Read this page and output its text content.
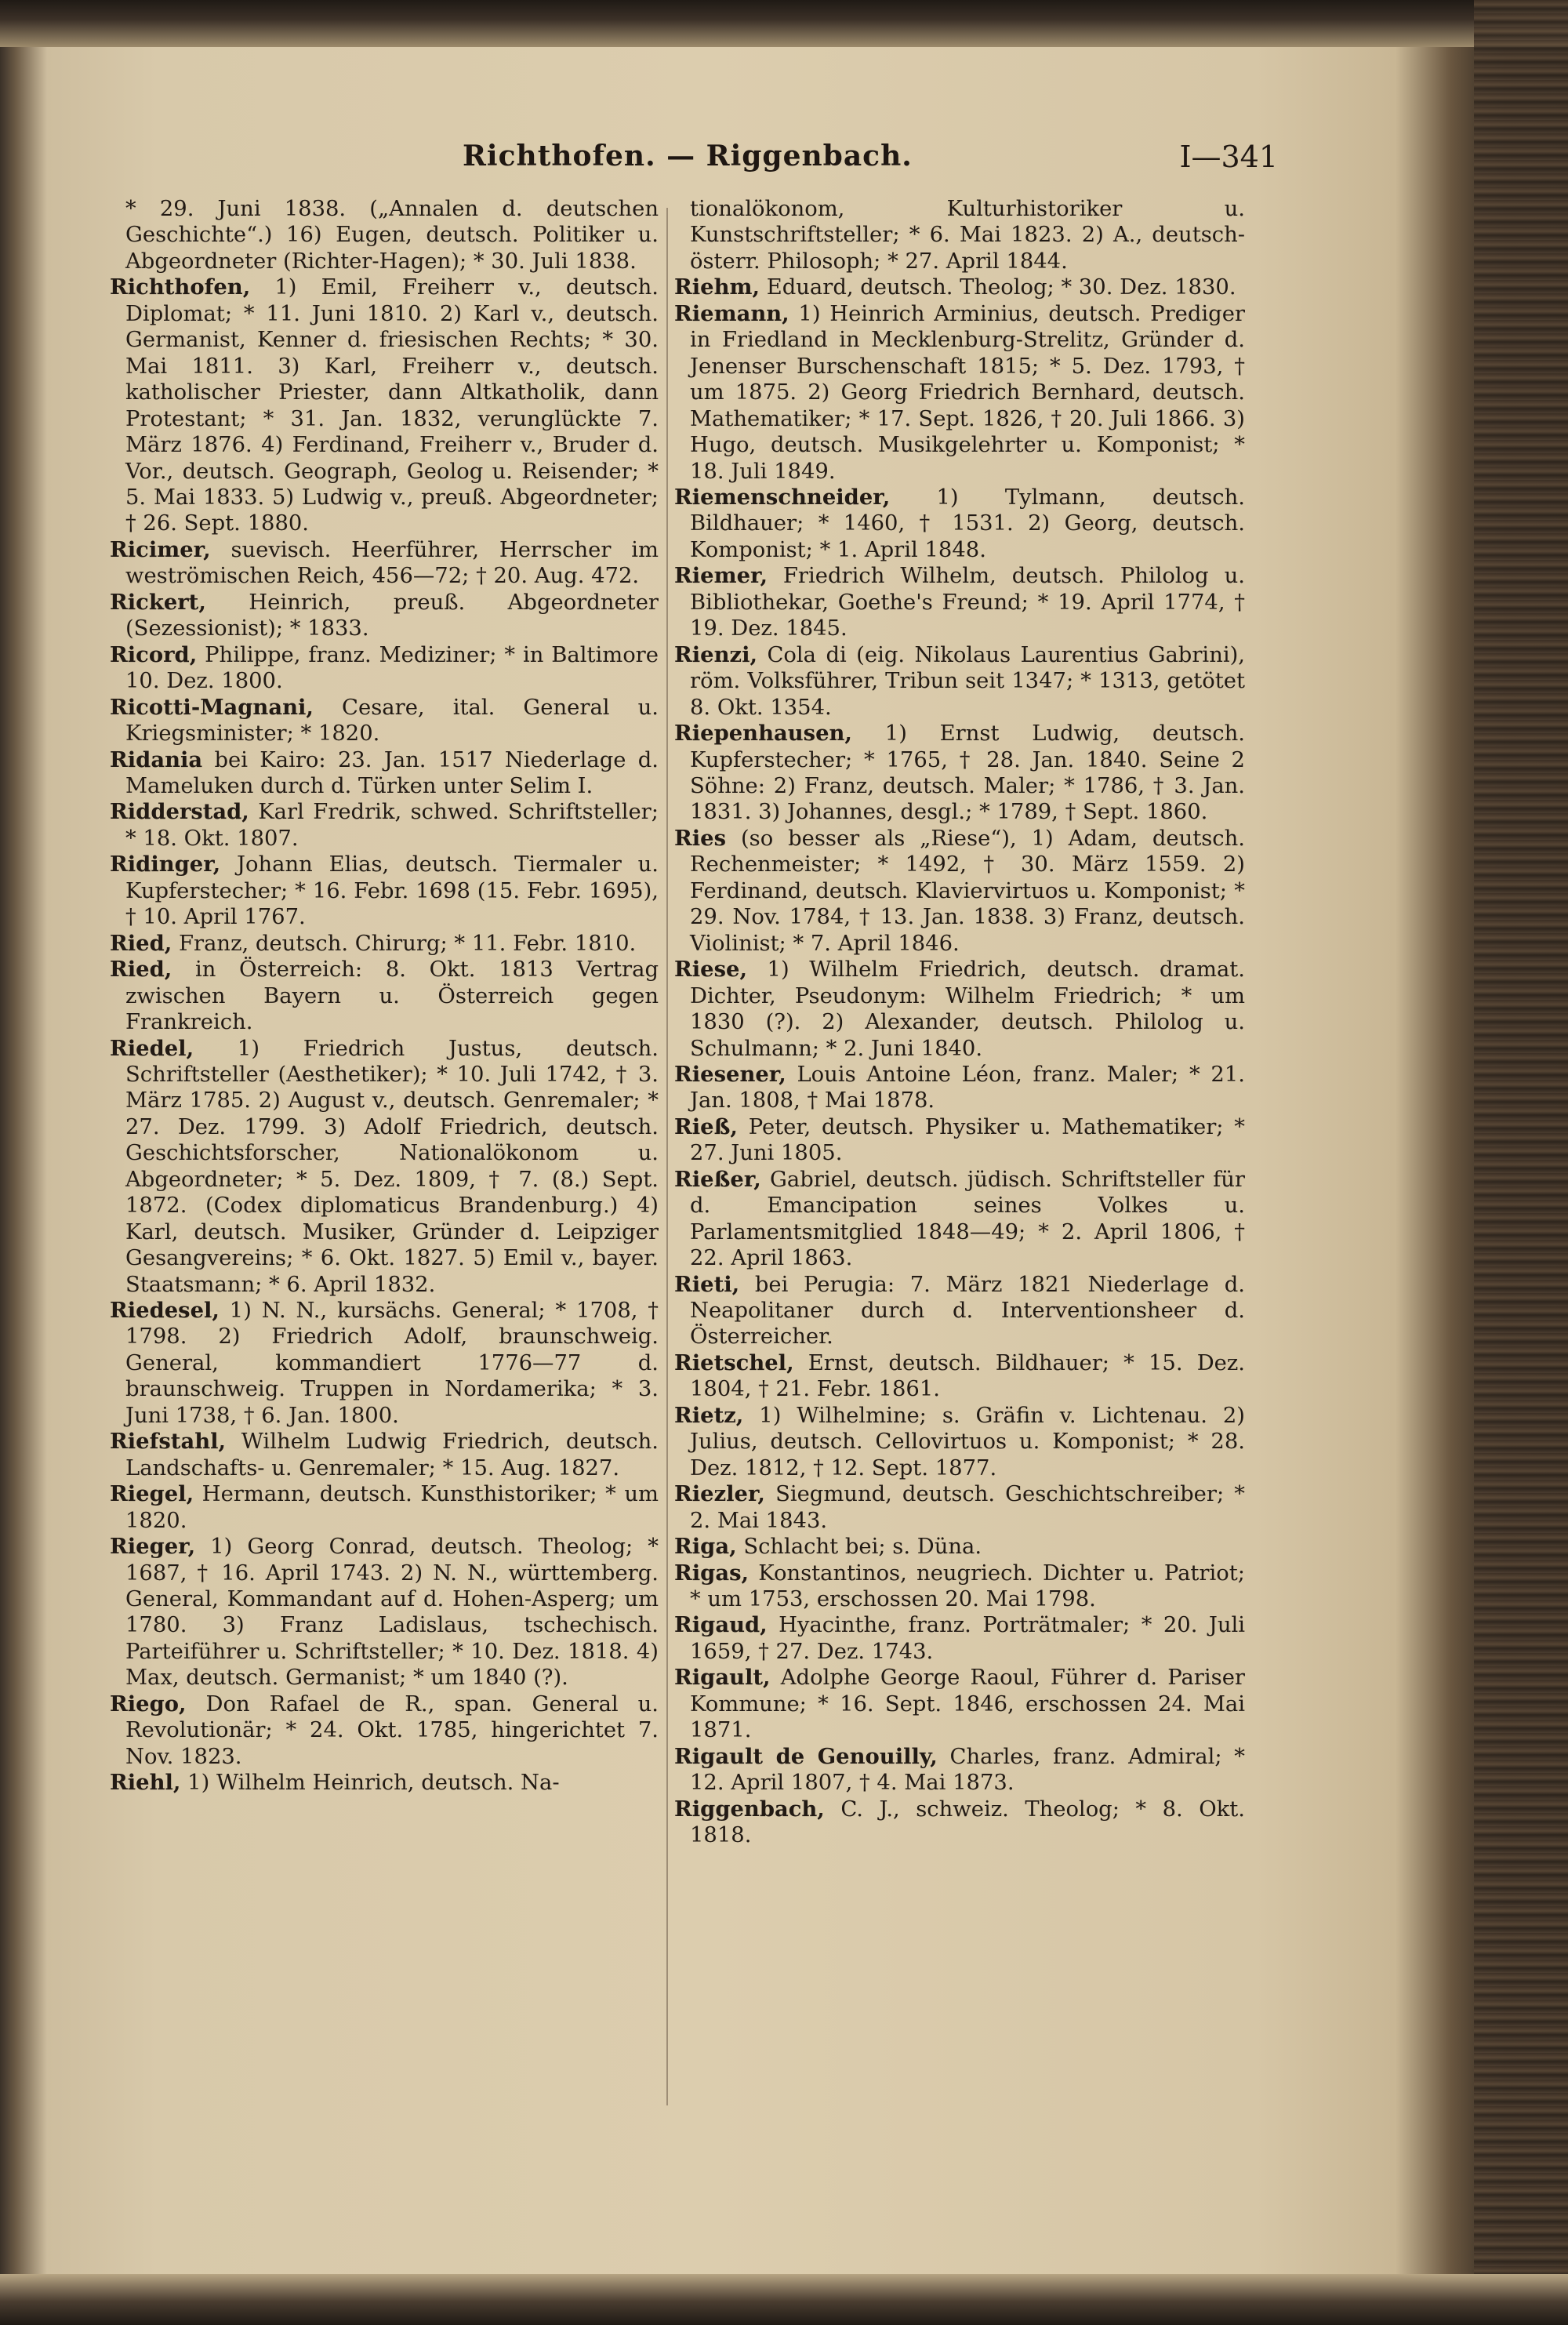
Richthofen. — Riggenbach.	I—341

* 29. Juni 1838. („Annalen d. deutschen Geschichte“.) 16) Eugen, deutsch. Politiker u. Abgeordneter (Richter-Hagen); * 30. Juli 1838.

Richthofen, 1) Emil, Freiherr v., deutsch. Diplomat; * 11. Juni 1810. 2) Karl v., deutsch. Germanist, Kenner d. friesischen Rechts; * 30. Mai 1811. 3) Karl, Freiherr v., deutsch. katholischer Priester, dann Altkatholik, dann Protestant; * 31. Jan. 1832, verunglückte 7. März 1876. 4) Ferdinand, Freiherr v., Bruder d. Vor., deutsch. Geograph, Geolog u. Reisender; * 5. Mai 1833. 5) Ludwig v., preuß. Abgeordneter; † 26. Sept. 1880.

Ricimer, suevisch. Heerführer, Herrscher im weströmischen Reich, 456—72; † 20. Aug. 472.

Rickert, Heinrich, preuß. Abgeordneter (Sezessionist); * 1833.

Ricord, Philippe, franz. Mediziner; * in Baltimore 10. Dez. 1800.

Ricotti-Magnani, Cesare, ital. General u. Kriegsminister; * 1820.

Ridania bei Kairo: 23. Jan. 1517 Niederlage d. Mameluken durch d. Türken unter Selim I.

Ridderstad, Karl Fredrik, schwed. Schriftsteller; * 18. Okt. 1807.

Ridinger, Johann Elias, deutsch. Tiermaler u. Kupferstecher; * 16. Febr. 1698 (15. Febr. 1695), † 10. April 1767.

Ried, Franz, deutsch. Chirurg; * 11. Febr. 1810.

Ried, in Österreich: 8. Okt. 1813 Vertrag zwischen Bayern u. Österreich gegen Frankreich.

Riedel, 1) Friedrich Justus, deutsch. Schriftsteller (Aesthetiker); * 10. Juli 1742, † 3. März 1785. 2) August v., deutsch. Genremaler; * 27. Dez. 1799. 3) Adolf Friedrich, deutsch. Geschichtsforscher, Nationalökonom u. Abgeordneter; * 5. Dez. 1809, † 7. (8.) Sept. 1872. (Codex diplomaticus Brandenburg.) 4) Karl, deutsch. Musiker, Gründer d. Leipziger Gesangvereins; * 6. Okt. 1827. 5) Emil v., bayer. Staatsmann; * 6. April 1832.

Riedesel, 1) N. N., kursächs. General; * 1708, † 1798. 2) Friedrich Adolf, braunschweig. General, kommandiert 1776—77 d. braunschweig. Truppen in Nordamerika; * 3. Juni 1738, † 6. Jan. 1800.

Riefstahl, Wilhelm Ludwig Friedrich, deutsch. Landschafts- u. Genremaler; * 15. Aug. 1827.

Riegel, Hermann, deutsch. Kunsthistoriker; * um 1820.

Rieger, 1) Georg Conrad, deutsch. Theolog; * 1687, † 16. April 1743. 2) N. N., württemberg. General, Kommandant auf d. Hohen-Asperg; um 1780. 3) Franz Ladislaus, tschechisch. Parteiführer u. Schriftsteller; * 10. Dez. 1818. 4) Max, deutsch. Germanist; * um 1840 (?).

Riego, Don Rafael de R., span. General u. Revolutionär; * 24. Okt. 1785, hingerichtet 7. Nov. 1823.

Riehl, 1) Wilhelm Heinrich, deutsch. Na-

tionalökonom, Kulturhistoriker u. Kunstschriftsteller; * 6. Mai 1823. 2) A., deutsch-österr. Philosoph; * 27. April 1844.

Riehm, Eduard, deutsch. Theolog; * 30. Dez. 1830.

Riemann, 1) Heinrich Arminius, deutsch. Prediger in Friedland in Mecklenburg-Strelitz, Gründer d. Jenenser Burschenschaft 1815; * 5. Dez. 1793, † um 1875. 2) Georg Friedrich Bernhard, deutsch. Mathematiker; * 17. Sept. 1826, † 20. Juli 1866. 3) Hugo, deutsch. Musikgelehrter u. Komponist; * 18. Juli 1849.

Riemenschneider, 1) Tylmann, deutsch. Bildhauer; * 1460, † 1531. 2) Georg, deutsch. Komponist; * 1. April 1848.

Riemer, Friedrich Wilhelm, deutsch. Philolog u. Bibliothekar, Goethe's Freund; * 19. April 1774, † 19. Dez. 1845.

Rienzi, Cola di (eig. Nikolaus Laurentius Gabrini), röm. Volksführer, Tribun seit 1347; * 1313, getötet 8. Okt. 1354.

Riepenhausen, 1) Ernst Ludwig, deutsch. Kupferstecher; * 1765, † 28. Jan. 1840. Seine 2 Söhne: 2) Franz, deutsch. Maler; * 1786, † 3. Jan. 1831. 3) Johannes, desgl.; * 1789, † Sept. 1860.

Ries (so besser als „Riese“), 1) Adam, deutsch. Rechenmeister; * 1492, † 30. März 1559. 2) Ferdinand, deutsch. Klaviervirtuos u. Komponist; * 29. Nov. 1784, † 13. Jan. 1838. 3) Franz, deutsch. Violinist; * 7. April 1846.

Riese, 1) Wilhelm Friedrich, deutsch. dramat. Dichter, Pseudonym: Wilhelm Friedrich; * um 1830 (?). 2) Alexander, deutsch. Philolog u. Schulmann; * 2. Juni 1840.

Riesener, Louis Antoine Léon, franz. Maler; * 21. Jan. 1808, † Mai 1878.

Rieß, Peter, deutsch. Physiker u. Mathematiker; * 27. Juni 1805.

Rießer, Gabriel, deutsch. jüdisch. Schriftsteller für d. Emancipation seines Volkes u. Parlamentsmitglied 1848—49; * 2. April 1806, † 22. April 1863.

Rieti, bei Perugia: 7. März 1821 Niederlage d. Neapolitaner durch d. Interventionsheer d. Österreicher.

Rietschel, Ernst, deutsch. Bildhauer; * 15. Dez. 1804, † 21. Febr. 1861.

Rietz, 1) Wilhelmine; s. Gräfin v. Lichtenau. 2) Julius, deutsch. Cellovirtuos u. Komponist; * 28. Dez. 1812, † 12. Sept. 1877.

Riezler, Siegmund, deutsch. Geschichtschreiber; * 2. Mai 1843.

Riga, Schlacht bei; s. Düna.

Rigas, Konstantinos, neugriech. Dichter u. Patriot; * um 1753, erschossen 20. Mai 1798.

Rigaud, Hyacinthe, franz. Porträtmaler; * 20. Juli 1659, † 27. Dez. 1743.

Rigault, Adolphe George Raoul, Führer d. Pariser Kommune; * 16. Sept. 1846, erschossen 24. Mai 1871.

Rigault de Genouilly, Charles, franz. Admiral; * 12. April 1807, † 4. Mai 1873.

Riggenbach, C. J., schweiz. Theolog; * 8. Okt. 1818.
